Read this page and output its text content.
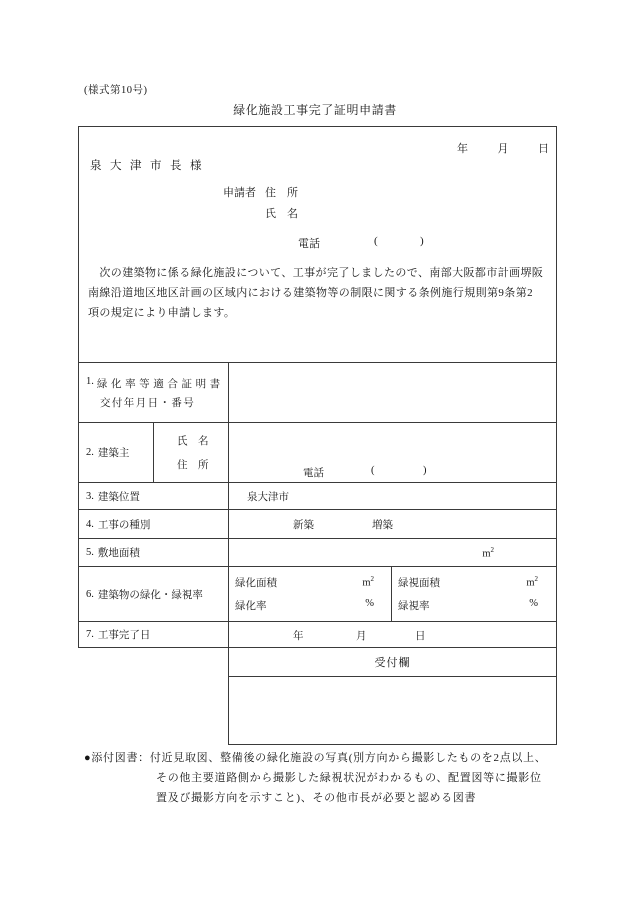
(様式第10号)
緑化施設工事完了証明申請書
年	月	日
泉大津市長様
申請者 住　所
氏　名
電話	(	)
　次の建築物に係る緑化施設について、工事が完了しましたので、南部大阪都市計画堺阪
南線沿道地区地区計画の区域内における建築物等の制限に関する条例施行規則第9条第2
項の規定により申請します。
1. 緑化率等適合証明書
交付年月日・番号
2. 建築主
氏　名
住　所
電話	(	)
3. 建築位置	泉大津市
4. 工事の種別	新築	増築
5. 敷地面積	$m^2$
6. 建築物の緑化・緑視率
緑化面積	$m^2$
緑化率	%
緑視面積	$m^2$
緑視率	%
7. 工事完了日	年	月	日
受付欄
●添付図書：付近見取図、整備後の緑化施設の写真(別方向から撮影したものを2点以上、
その他主要道路側から撮影した緑視状況がわかるもの、配置図等に撮影位
置及び撮影方向を示すこと)、その他市長が必要と認める図書
